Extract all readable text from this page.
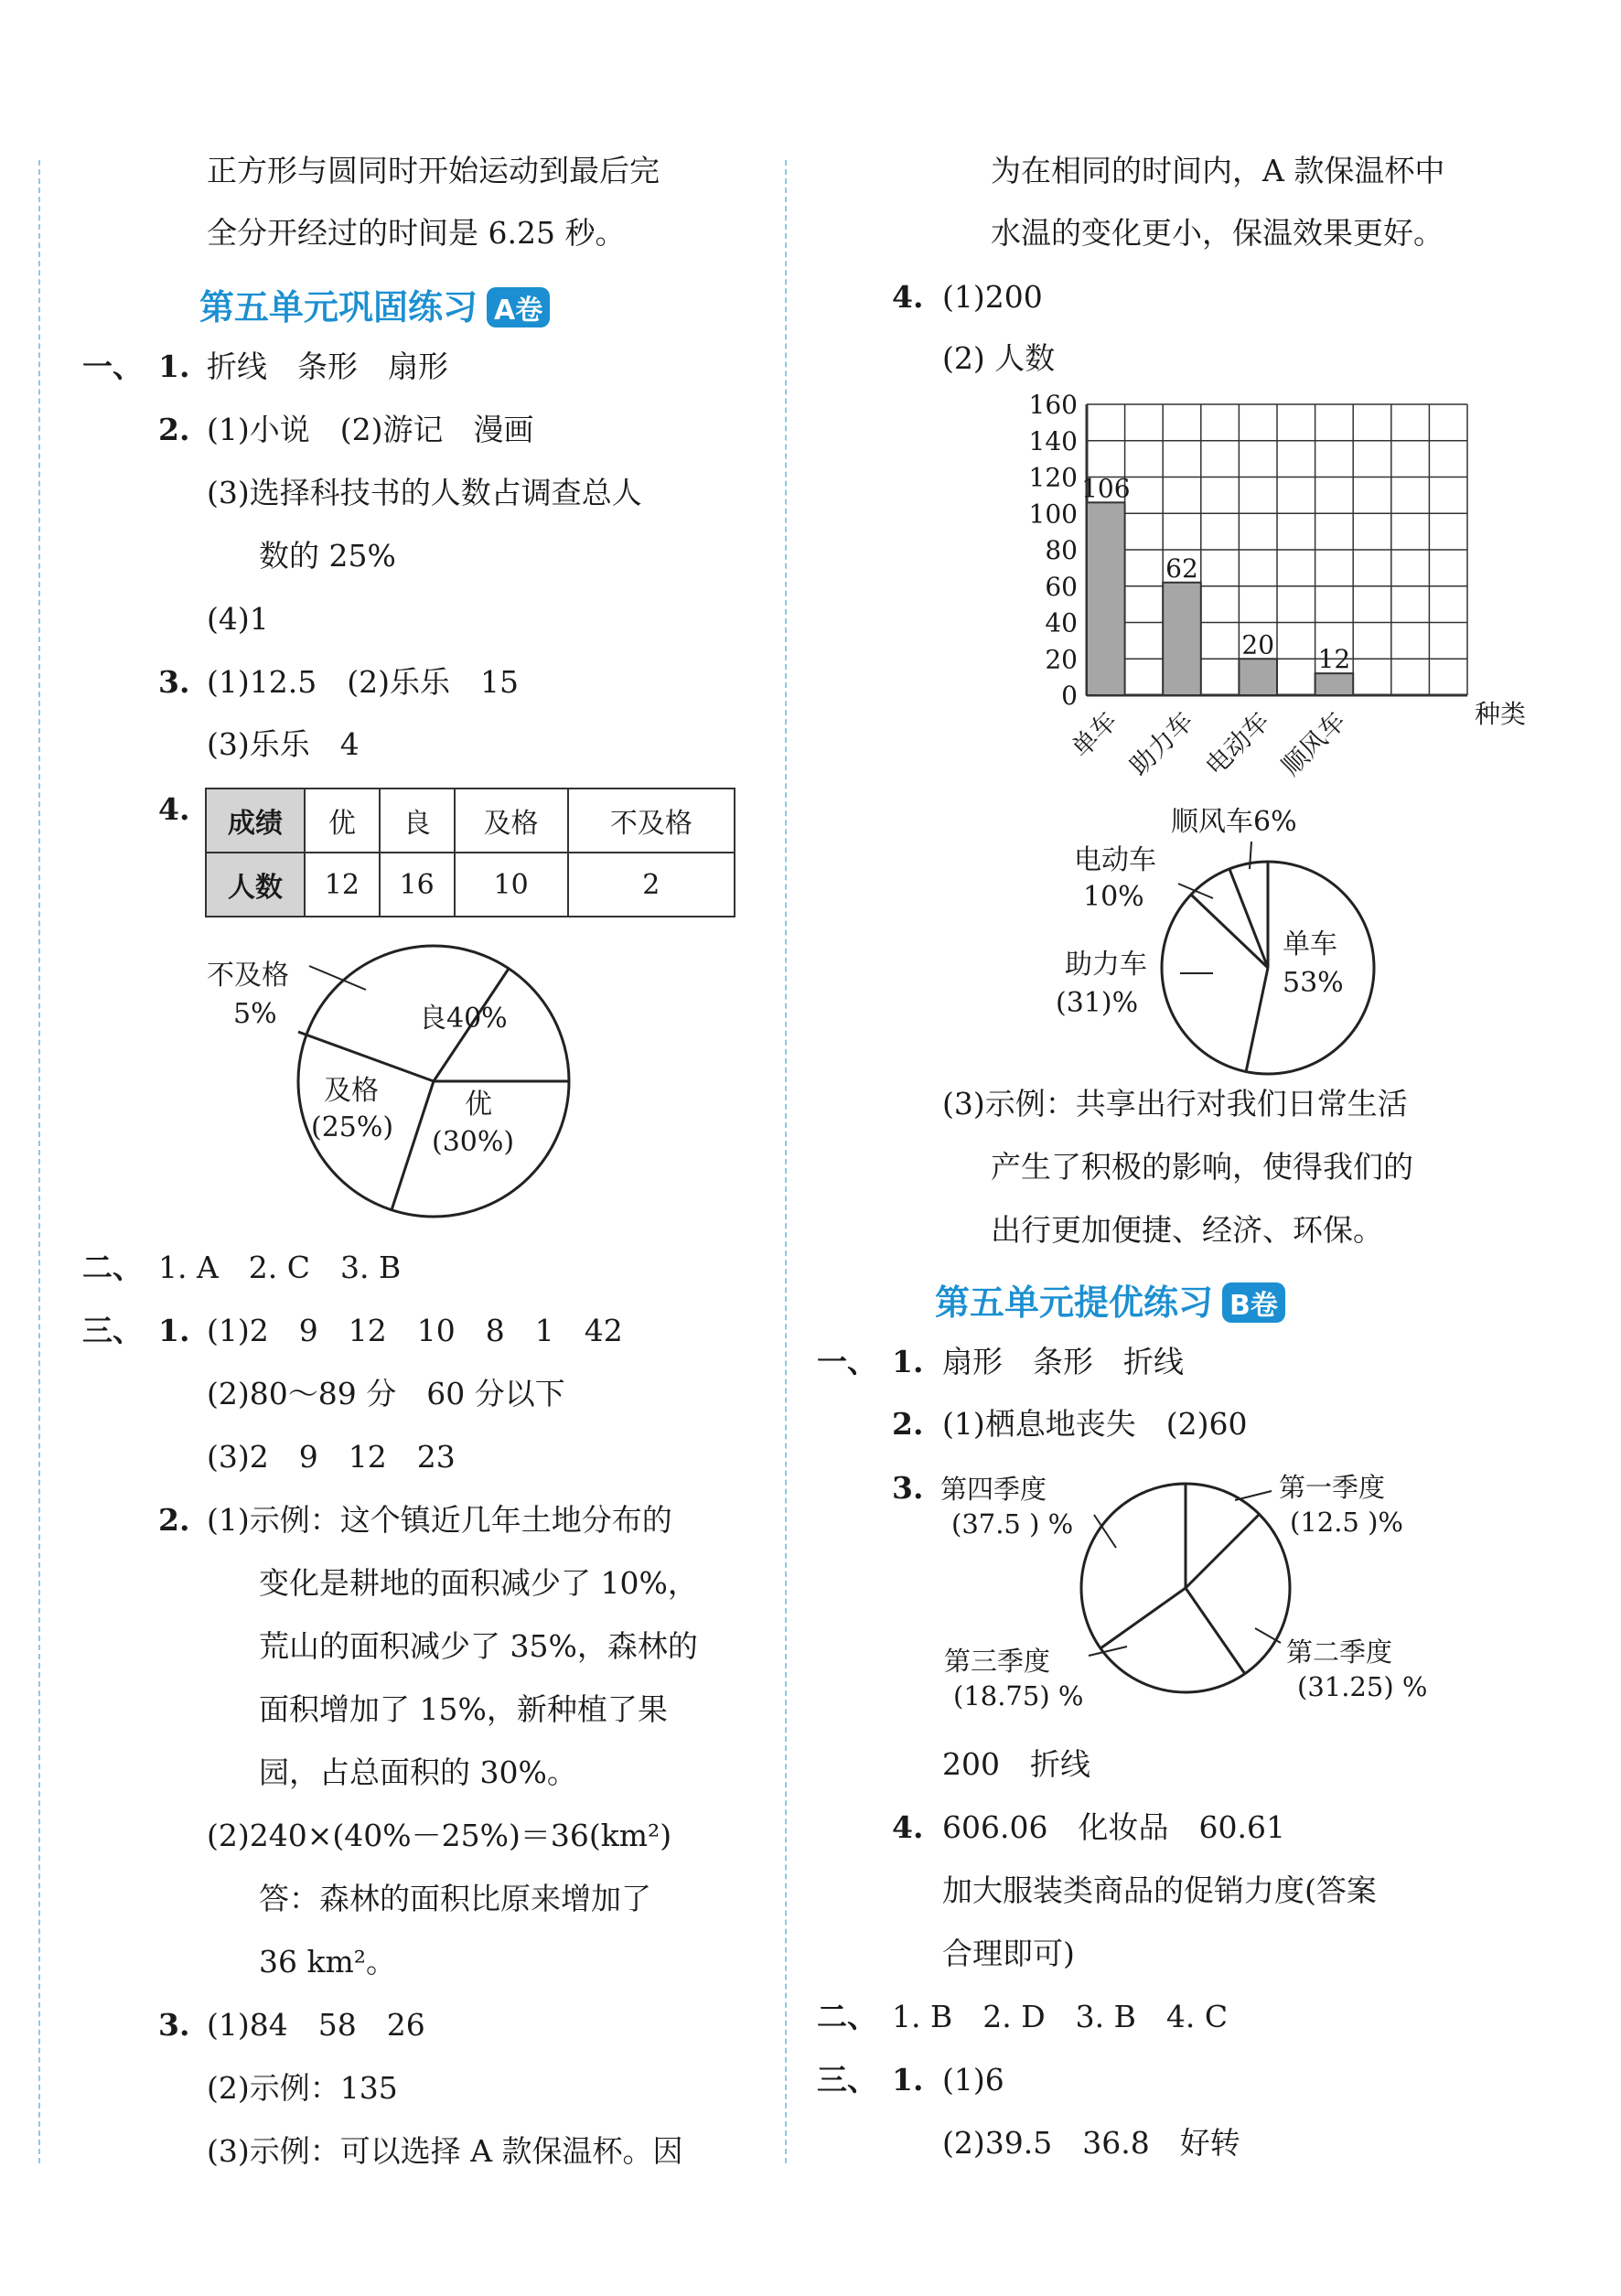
正方形与圆同时开始运动到最后完
全分开经过的时间是 6.25 秒。
第五单元巩固练习 A卷
一、 1. 折线　条形　扇形
2. (1)小说　(2)游记　漫画
(3)选择科技书的人数占调查总人
数的 25%
(4)1
3. (1)12.5　(2)乐乐　15
(3)乐乐　4
4. 成绩	优	良	及格	不及格
人数	12	16	10	2
良40%
优
(30%)
及格
(25%)
不及格
5%
二、 1. A　2. C　3. B
三、 1. (1)2　9　12　10　8　1　42
(2)80～89 分　60 分以下
(3)2　9　12　23
2. (1)示例：这个镇近几年土地分布的
变化是耕地的面积减少了 10%，
荒山的面积减少了 35%，森林的
面积增加了 15%，新种植了果
园，占总面积的 30%。
(2)240×(40%－25%)＝36(km²)
答：森林的面积比原来增加了
36 km²。
3. (1)84　58　26
(2)示例：135
(3)示例：可以选择 A 款保温杯。因
为在相同的时间内，A 款保温杯中
水温的变化更小，保温效果更好。
4. (1)200
(2) 人数
0
20
40
60
80
100
120
140
160
106
单车
62
助力车
20
电动车
12
顺风车	种类
单车
53%
助力车
(31)%
电动车
10%
顺风车6%
(3)示例：共享出行对我们日常生活
产生了积极的影响，使得我们的
出行更加便捷、经济、环保。
第五单元提优练习 B卷
一、 1. 扇形　条形　折线
2. (1)栖息地丧失　(2)60
3. 第四季度
(37.5 ) %
第一季度
(12.5 )%
第二季度
(31.25) %
第三季度
(18.75) %
200　折线
4. 606.06　化妆品　60.61
加大服装类商品的促销力度(答案
合理即可)
二、 1. B　2. D　3. B　4. C
三、 1. (1)6
(2)39.5　36.8　好转
